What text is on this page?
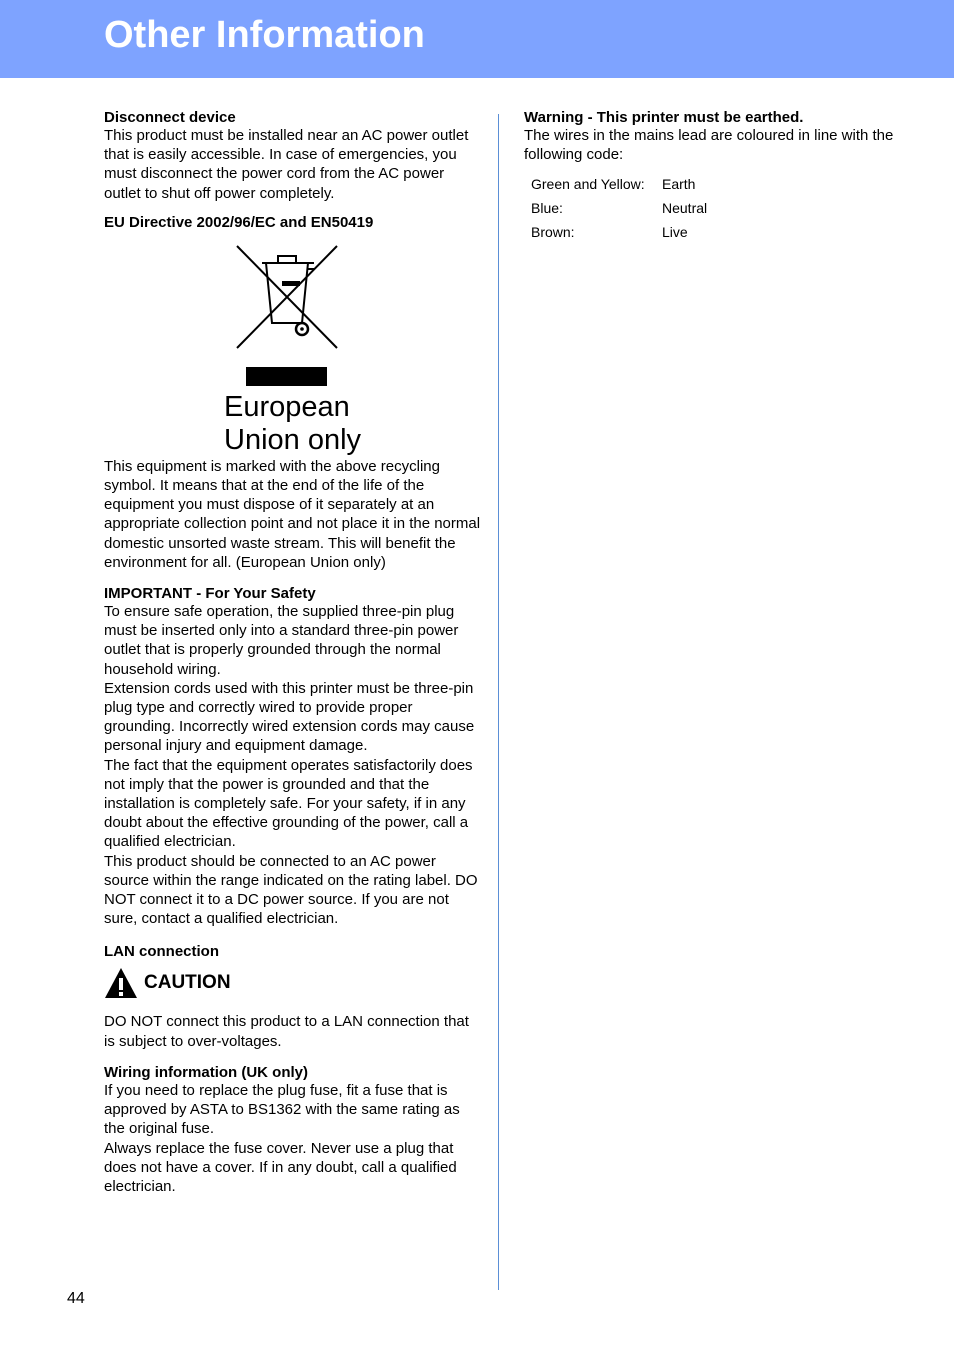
Other Information

Disconnect device

This product must be installed near an AC power outlet that is easily accessible. In case of emergencies, you must disconnect the power cord from the AC power outlet to shut off power completely.

EU Directive 2002/96/EC and EN50419

European
Union only

This equipment is marked with the above recycling symbol. It means that at the end of the life of the equipment you must dispose of it separately at an appropriate collection point and not place it in the normal domestic unsorted waste stream. This will benefit the environment for all. (European Union only)

IMPORTANT - For Your Safety

To ensure safe operation, the supplied three-pin plug must be inserted only into a standard three-pin power outlet that is properly grounded through the normal household wiring.

Extension cords used with this printer must be three-pin plug type and correctly wired to provide proper grounding. Incorrectly wired extension cords may cause personal injury and equipment damage.

The fact that the equipment operates satisfactorily does not imply that the power is grounded and that the installation is completely safe. For your safety, if in any doubt about the effective grounding of the power, call a qualified electrician.

This product should be connected to an AC power source within the range indicated on the rating label. DO NOT connect it to a DC power source. If you are not sure, contact a qualified electrician.

LAN connection

CAUTION

DO NOT connect this product to a LAN connection that is subject to over-voltages.

Wiring information (UK only)

If you need to replace the plug fuse, fit a fuse that is approved by ASTA to BS1362 with the same rating as the original fuse.

Always replace the fuse cover. Never use a plug that does not have a cover. If in any doubt, call a qualified electrician.

Warning - This printer must be earthed.

The wires in the mains lead are coloured in line with the following code:

Green and Yellow:	Earth
Blue:	Neutral
Brown:	Live
44
